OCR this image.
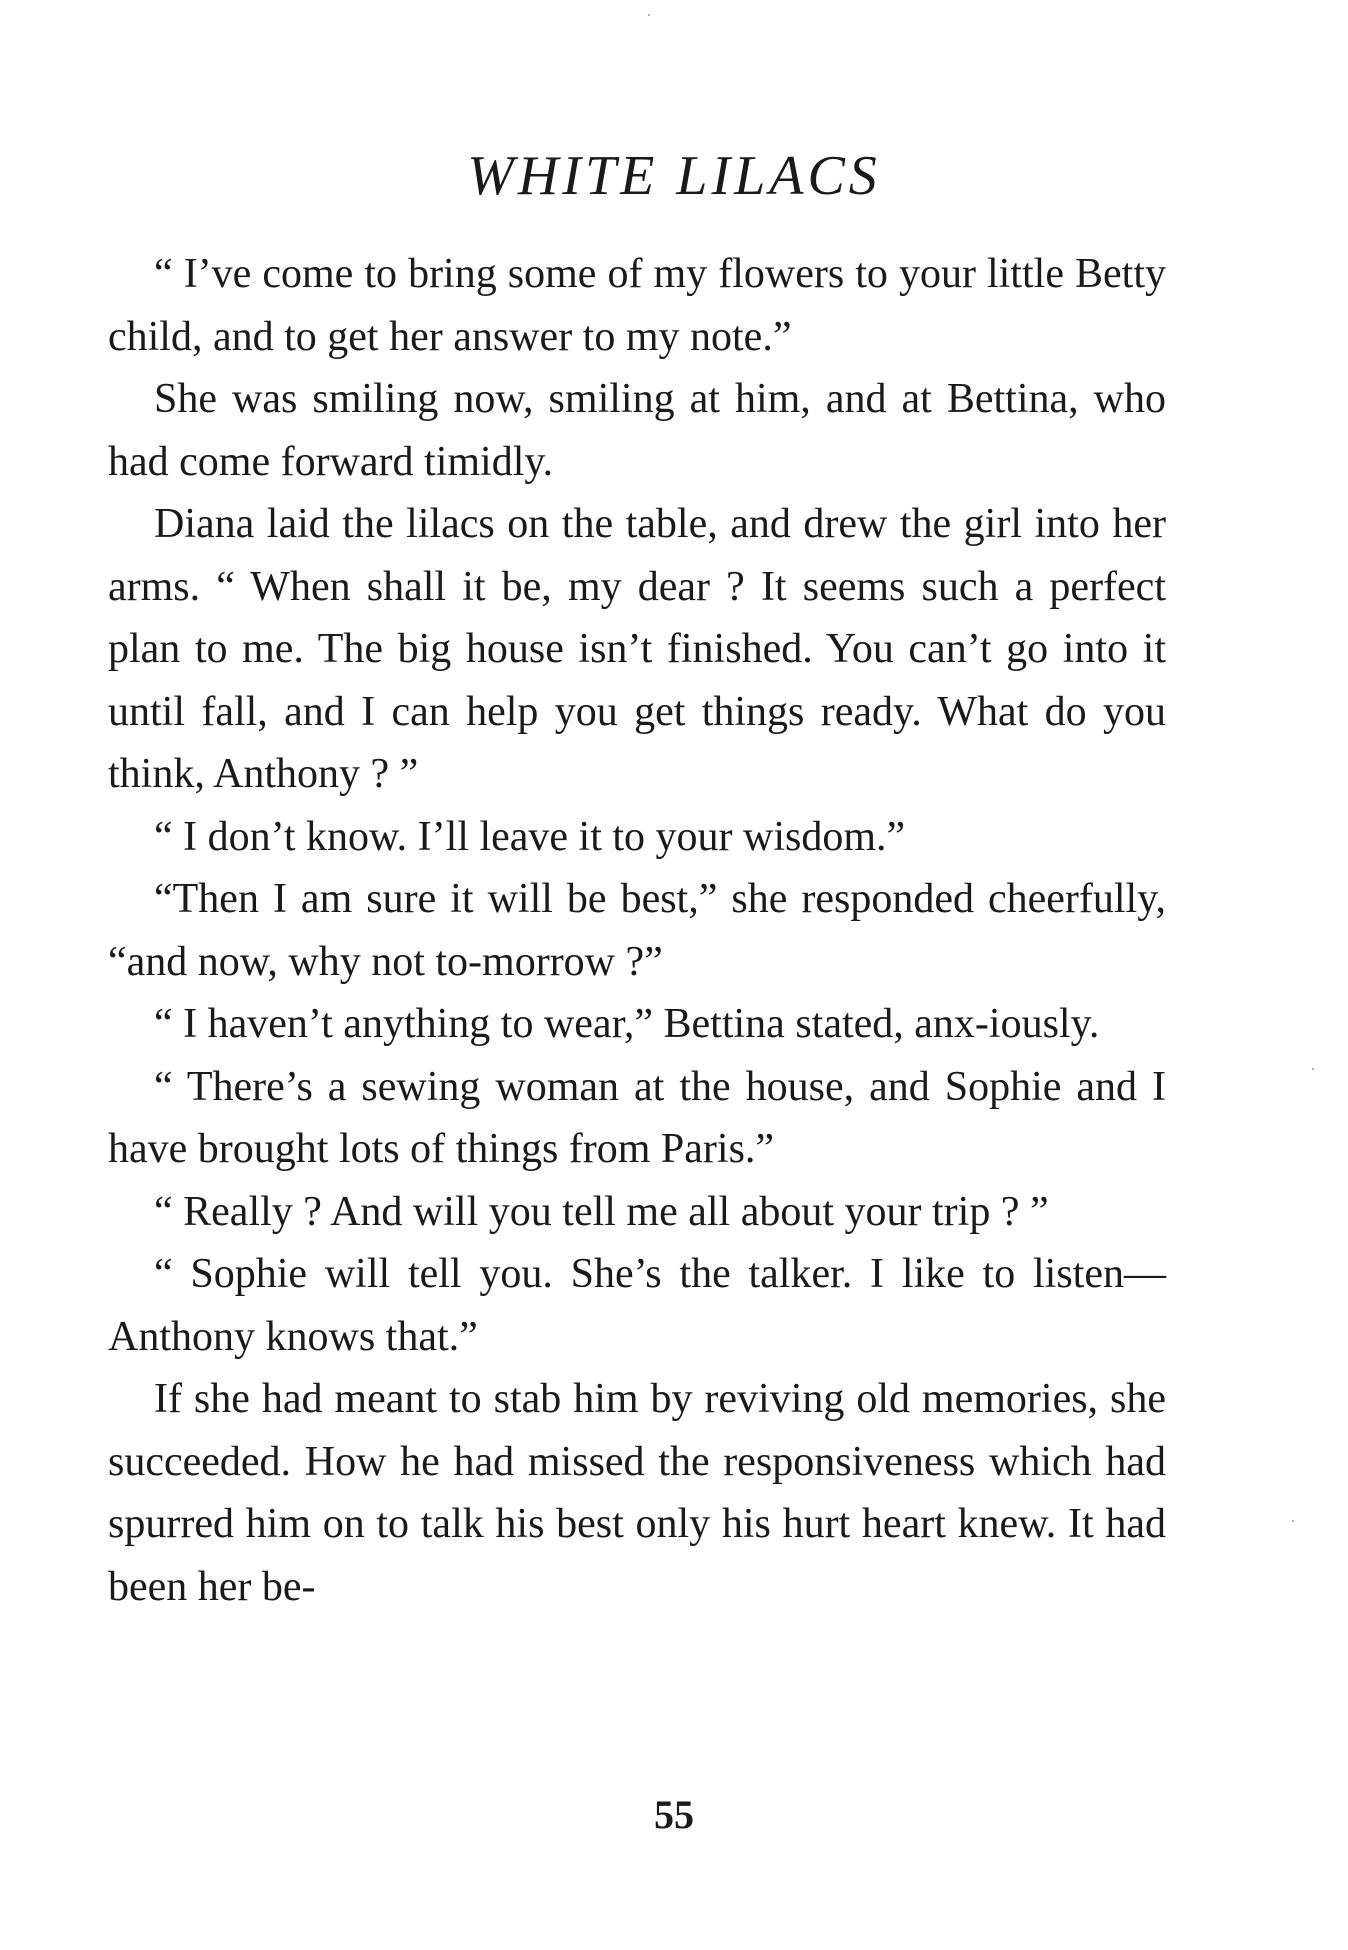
WHITE LILACS

“ I’ve come to bring some of my flowers to your little Betty child, and to get her answer to my note.”

She was smiling now, smiling at him, and at Bettina, who had come forward timidly.

Diana laid the lilacs on the table, and drew the girl into her arms. “ When shall it be, my dear ? It seems such a perfect plan to me. The big house isn’t finished. You can’t go into it until fall, and I can help you get things ready. What do you think, Anthony ? ”

“ I don’t know. I’ll leave it to your wisdom.”

“Then I am sure it will be best,” she responded cheerfully, “and now, why not to-morrow ?”

“ I haven’t anything to wear,” Bettina stated, anx-iously.

“ There’s a sewing woman at the house, and Sophie and I have brought lots of things from Paris.”

“ Really ? And will you tell me all about your trip ? ”

“ Sophie will tell you. She’s the talker. I like to listen—Anthony knows that.”

If she had meant to stab him by reviving old memories, she succeeded. How he had missed the responsiveness which had spurred him on to talk his best only his hurt heart knew. It had been her be-

55
